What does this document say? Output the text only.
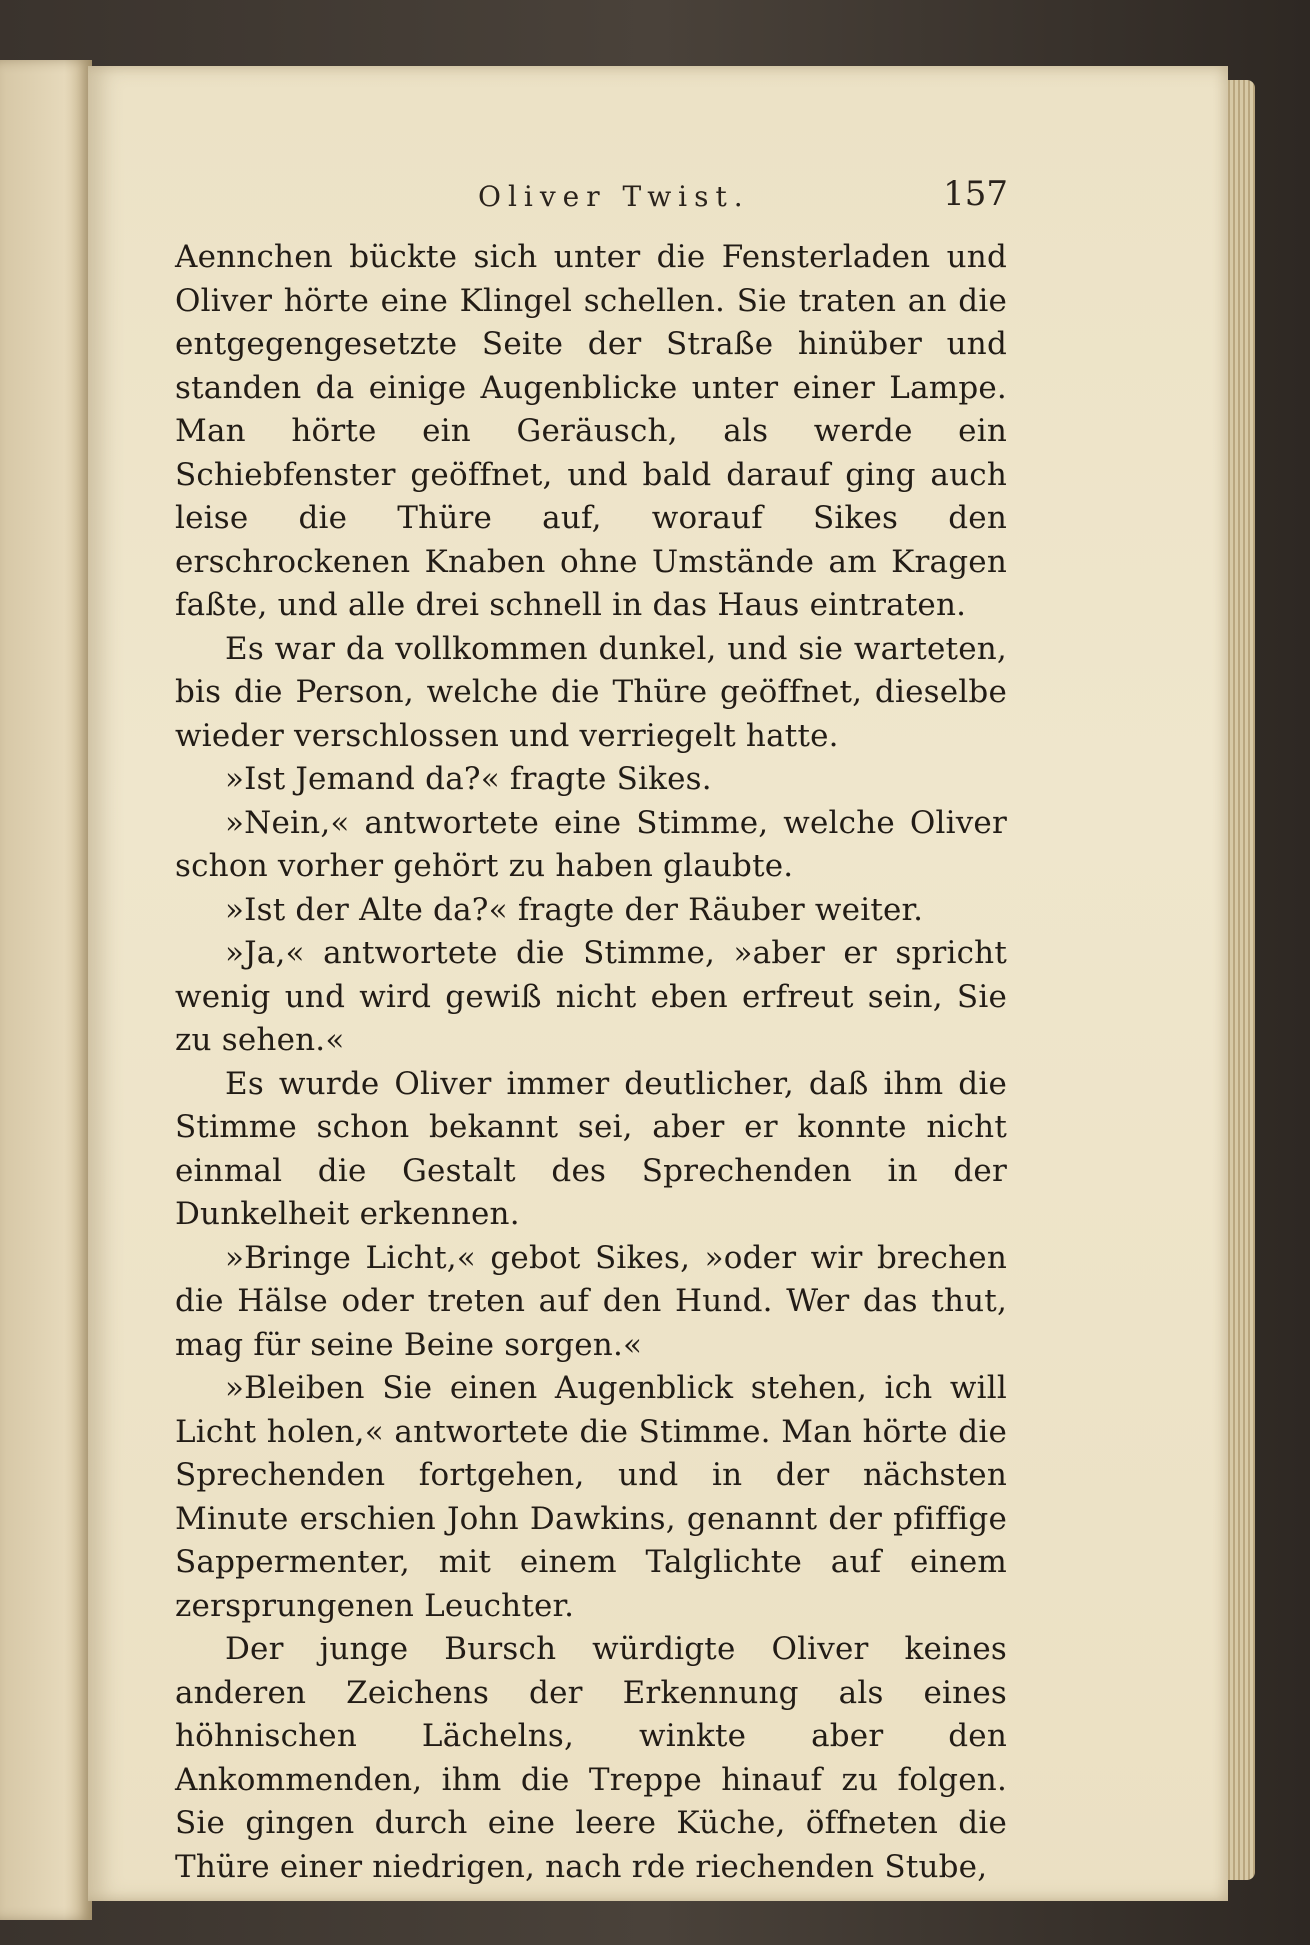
Oliver Twist.	157

Aennchen bückte sich unter die Fensterladen und Oliver hörte eine Klingel schellen. Sie traten an die entgegengesetzte Seite der Straße hinüber und standen da einige Augenblicke unter einer Lampe. Man hörte ein Geräusch, als werde ein Schiebfenster geöffnet, und bald darauf ging auch leise die Thüre auf, worauf Sikes den erschrockenen Knaben ohne Umstände am Kragen faßte, und alle drei schnell in das Haus eintraten.

Es war da vollkommen dunkel, und sie warteten, bis die Person, welche die Thüre geöffnet, dieselbe wieder verschlossen und verriegelt hatte.

»Ist Jemand da?« fragte Sikes.

»Nein,« antwortete eine Stimme, welche Oliver schon vorher gehört zu haben glaubte.

»Ist der Alte da?« fragte der Räuber weiter.

»Ja,« antwortete die Stimme, »aber er spricht wenig und wird gewiß nicht eben erfreut sein, Sie zu sehen.«

Es wurde Oliver immer deutlicher, daß ihm die Stimme schon bekannt sei, aber er konnte nicht einmal die Gestalt des Sprechenden in der Dunkelheit erkennen.

»Bringe Licht,« gebot Sikes, »oder wir brechen die Hälse oder treten auf den Hund. Wer das thut, mag für seine Beine sorgen.«

»Bleiben Sie einen Augenblick stehen, ich will Licht holen,« antwortete die Stimme. Man hörte die Sprechenden fortgehen, und in der nächsten Minute erschien John Dawkins, genannt der pfiffige Sappermenter, mit einem Talglichte auf einem zersprungenen Leuchter.

Der junge Bursch würdigte Oliver keines anderen Zeichens der Erkennung als eines höhnischen Lächelns, winkte aber den Ankommenden, ihm die Treppe hinauf zu folgen. Sie gingen durch eine leere Küche, öffneten die Thüre einer niedrigen, nach rde riechenden Stube,
